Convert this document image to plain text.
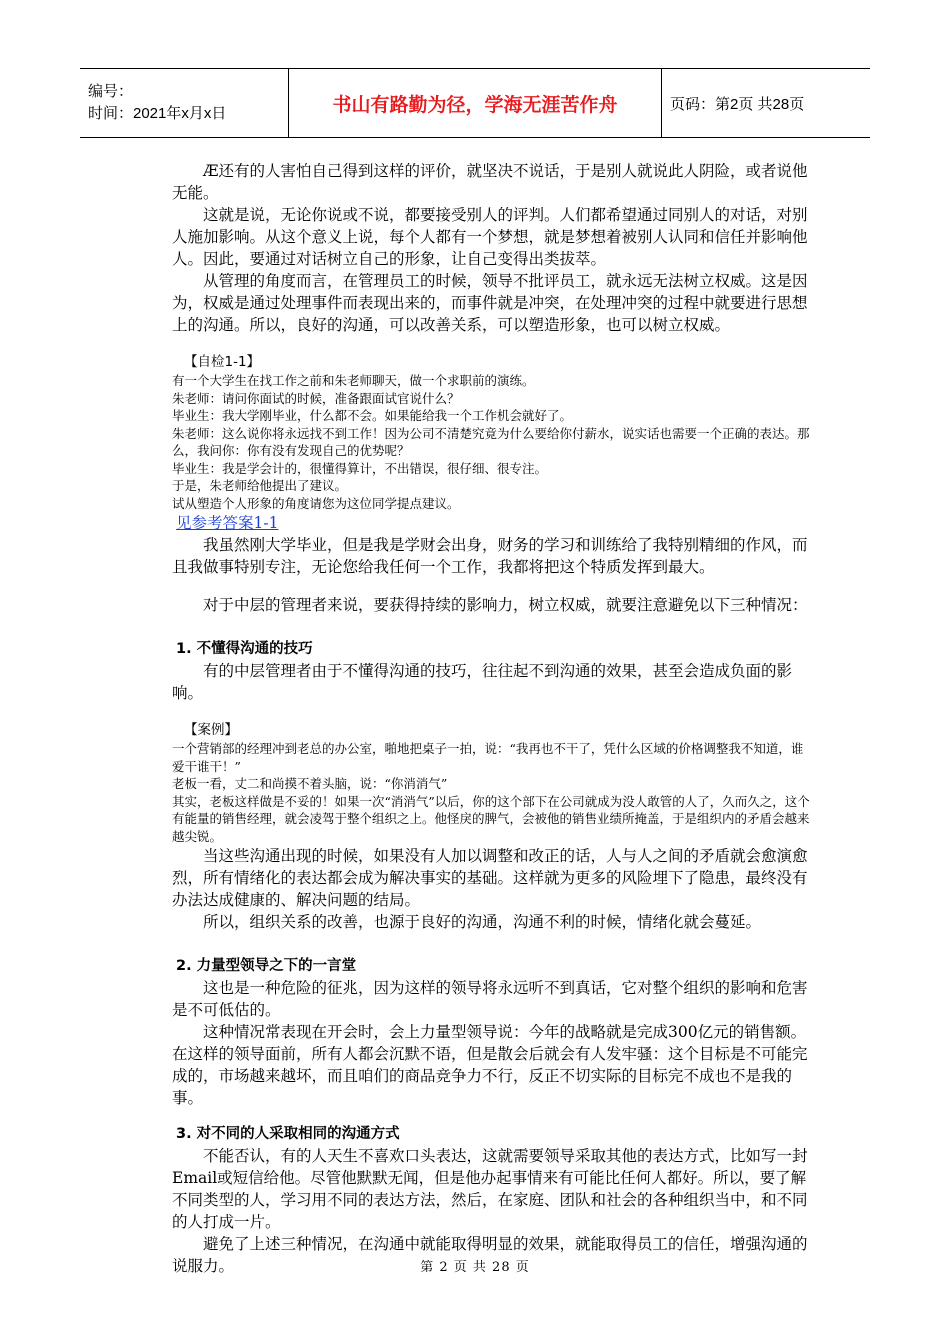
编号：
时间：2021年x月x日	书山有路勤为径，学海无涯苦作舟	页码：第2页 共28页

Æ还有的人害怕自己得到这样的评价，就坚决不说话，于是别人就说此人阴险，或者说他无能。

这就是说，无论你说或不说，都要接受别人的评判。人们都希望通过同别人的对话，对别人施加影响。从这个意义上说，每个人都有一个梦想，就是梦想着被别人认同和信任并影响他人。因此，要通过对话树立自己的形象，让自己变得出类拔萃。

从管理的角度而言，在管理员工的时候，领导不批评员工，就永远无法树立权威。这是因为，权威是通过处理事件而表现出来的，而事件就是冲突，在处理冲突的过程中就要进行思想上的沟通。所以，良好的沟通，可以改善关系，可以塑造形象，也可以树立权威。

【自检1-1】

有一个大学生在找工作之前和朱老师聊天，做一个求职前的演练。

朱老师：请问你面试的时候，准备跟面试官说什么？

毕业生：我大学刚毕业，什么都不会。如果能给我一个工作机会就好了。

朱老师：这么说你将永远找不到工作！因为公司不清楚究竟为什么要给你付薪水，说实话也需要一个正确的表达。那么，我问你：你有没有发现自己的优势呢？

毕业生：我是学会计的，很懂得算计，不出错误，很仔细、很专注。

于是，朱老师给他提出了建议。

试从塑造个人形象的角度请您为这位同学提点建议。

见参考答案1-1

我虽然刚大学毕业，但是我是学财会出身，财务的学习和训练给了我特别精细的作风，而且我做事特别专注，无论您给我任何一个工作，我都将把这个特质发挥到最大。

对于中层的管理者来说，要获得持续的影响力，树立权威，就要注意避免以下三种情况：

1. 不懂得沟通的技巧

有的中层管理者由于不懂得沟通的技巧，往往起不到沟通的效果，甚至会造成负面的影响。

【案例】

一个营销部的经理冲到老总的办公室，啪地把桌子一拍，说：“我再也不干了，凭什么区域的价格调整我不知道，谁爱干谁干！”

老板一看，丈二和尚摸不着头脑，说：“你消消气”

其实，老板这样做是不妥的！如果一次“消消气”以后，你的这个部下在公司就成为没人敢管的人了，久而久之，这个有能量的销售经理，就会凌驾于整个组织之上。他怪戾的脾气，会被他的销售业绩所掩盖，于是组织内的矛盾会越来越尖锐。

当这些沟通出现的时候，如果没有人加以调整和改正的话，人与人之间的矛盾就会愈演愈烈，所有情绪化的表达都会成为解决事实的基础。这样就为更多的风险埋下了隐患，最终没有办法达成健康的、解决问题的结局。

所以，组织关系的改善，也源于良好的沟通，沟通不利的时候，情绪化就会蔓延。

2. 力量型领导之下的一言堂

这也是一种危险的征兆，因为这样的领导将永远听不到真话，它对整个组织的影响和危害是不可低估的。

这种情况常表现在开会时，会上力量型领导说：今年的战略就是完成300亿元的销售额。在这样的领导面前，所有人都会沉默不语，但是散会后就会有人发牢骚：这个目标是不可能完成的，市场越来越坏，而且咱们的商品竞争力不行，反正不切实际的目标完不成也不是我的事。

3. 对不同的人采取相同的沟通方式

不能否认，有的人天生不喜欢口头表达，这就需要领导采取其他的表达方式，比如写一封Email或短信给他。尽管他默默无闻，但是他办起事情来有可能比任何人都好。所以，要了解不同类型的人，学习用不同的表达方法，然后，在家庭、团队和社会的各种组织当中，和不同的人打成一片。

避免了上述三种情况，在沟通中就能取得明显的效果，就能取得员工的信任，增强沟通的说服力。	第 2 页 共 28 页
